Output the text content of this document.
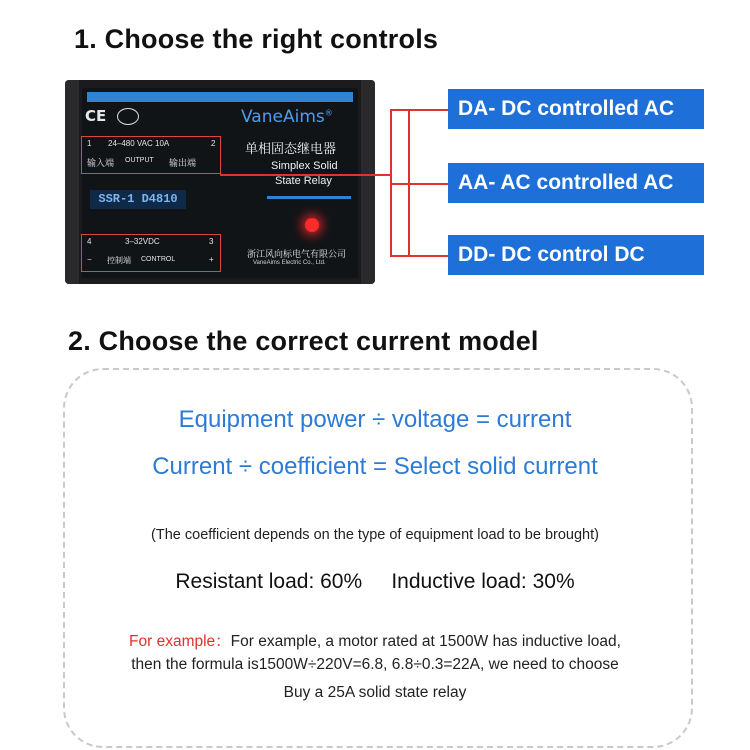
1. Choose the right controls
CE	VaneAims®
单相固态继电器
Simplex Solid
State Relay
1 24–480 VAC 10A	2
输入端 OUTPUT 输出端
SSR-1 D4810
4	3–32VDC	3
− 控制端 CONTROL	+
浙江风向标电气有限公司
VaneAims Electric Co., Ltd.
DA- DC controlled AC
AA- AC controlled AC
DD- DC control DC
2. Choose the correct current model
Equipment power ÷ voltage = current
Current ÷ coefficient = Select solid current
(The coefficient depends on the type of equipment load to be brought)
Resistant load: 60%     Inductive load: 30%
For example：For example, a motor rated at 1500W has inductive load,
then the formula is1500W÷220V=6.8, 6.8÷0.3=22A, we need to choose
Buy a 25A solid state relay
